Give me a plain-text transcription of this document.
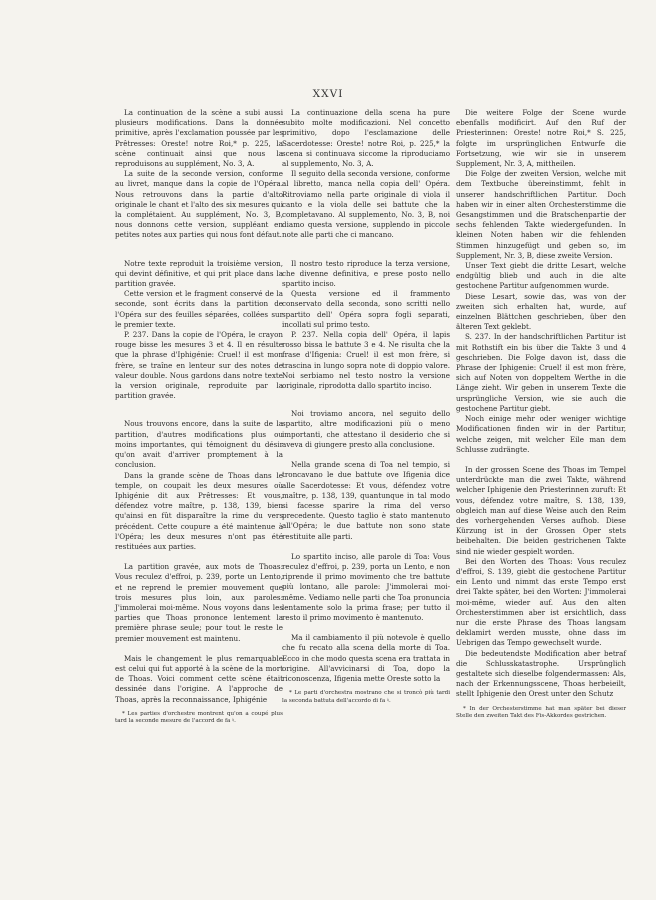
XXVI

La continuation de la scène a subi aussi plusieurs modifications. Dans la donnée primitive, après l'exclamation poussée par les Prêtresses: Oreste! notre Roi,* p. 225, la scène continuait ainsi que nous la reproduisons au supplément, No. 3, A.

La suite de la seconde version, conforme au livret, manque dans la copie de l'Opéra. Nous retrouvons dans la partie d'alto originale le chant et l'alto des six mesures qui la complétaient. Au supplément, No. 3, B, nous donnons cette version, suppléant en petites notes aux parties qui nous font défaut.

Notre texte reproduit la troisième version, qui devint définitive, et qui prit place dans la partition gravée.

Cette version et le fragment conservé de la seconde, sont écrits dans la partition de l'Opéra sur des feuilles séparées, collées sur le premier texte.

P. 237. Dans la copie de l'Opéra, le crayon rouge bisse les mesures 3 et 4. Il en résulte que la phrase d'Iphigénie: Cruel! il est mon frère, se traîne en lenteur sur des notes de valeur double. Nous gardons dans notre texte la version originale, reproduite par la partition gravée.

Nous trouvons encore, dans la suite de la partition, d'autres modifications plus ou moins importantes, qui témoignent du désir qu'on avait d'arriver promptement à la conclusion.

Dans la grande scène de Thoas dans le temple, on coupait les deux mesures où Iphigénie dit aux Prêtresses: Et vous, défendez votre maître, p. 138, 139, bien qu'ainsi en fût disparaître la rime du vers précédent. Cette coupure a été maintenue à l'Opéra; les deux mesures n'ont pas été restituées aux parties.

La partition gravée, aux mots de Thoas: Vous reculez d'effroi, p. 239, porte un Lento, et ne reprend le premier mouvement que trois mesures plus loin, aux paroles: J'immolerai moi-même. Nous voyons dans les parties que Thoas prononce lentement la première phrase seule; pour tout le reste le premier mouvement est maintenu.

Mais le changement le plus remarquable est celui qui fut apporté à la scène de la mort de Thoas. Voici comment cette scène était dessinée dans l'origine. A l'approche de Thoas, après la reconnaissance, Iphigénie

* Les parties d'orchestre montrent qu'on a coupé plus tard la seconde mesure de l'accord de fa ♮.

La continuazione della scena ha pure subito molte modificazioni. Nel concetto primitivo, dopo l'esclamazione delle Sacerdotesse: Oreste! notre Roi, p. 225,* la scena si continuava siccome la riproduciamo al supplemento, No. 3, A.

Il seguito della seconda versione, conforme al libretto, manca nella copia dell' Opéra. Ritroviamo nella parte originale di viola il canto e la viola delle sei battute che la completavano. Al supplemento, No. 3, B, noi diamo questa versione, supplendo in piccole note alle parti che ci mancano.

Il nostro testo riproduce la terza versione, che divenne definitiva, e prese posto nello spartito inciso.

Questa versione ed il frammento conservato della seconda, sono scritti nello spartito dell' Opéra sopra fogli separati, incollati sul primo testo.

P. 237. Nella copia dell' Opéra, il lapis rosso bissa le battute 3 e 4. Ne risulta che la frase d'Ifigenia: Cruel! il est mon frère, si trascina in lungo sopra note di doppio valore. Noi serbiamo nel testo nostro la versione originale, riprodotta dallo spartito inciso.

Noi troviamo ancora, nel seguito dello spartito, altre modificazioni più o meno importanti, che attestano il desiderio che si aveva di giungere presto alla conclusione.

Nella grande scena di Toa nel tempio, si troncavano le due battute ove Ifigenia dice alle Sacerdotesse: Et vous, défendez votre maître, p. 138, 139, quantunque in tal modo si facesse sparire la rima del verso precedente. Questo taglio è stato mantenuto all'Opéra; le due battute non sono state restituite alle parti.

Lo spartito inciso, alle parole di Toa: Vous reculez d'effroi, p. 239, porta un Lento, e non riprende il primo movimento che tre battute più lontano, alle parole: J'immolerai moi-même. Vediamo nelle parti che Toa pronuncia lentamente solo la prima frase; per tutto il resto il primo movimento è mantenuto.

Ma il cambiamento il più notevole è quello che fu recato alla scena della morte di Toa. Ecco in che modo questa scena era trattata in origine. All'avvicinarsi di Toa, dopo la riconoscenza, Ifigenia mette Oreste sotto la

* Le parti d'orchestra mostrano che si troncò più tardi la seconda battuta dell'accordo di fa ♮.

Die weitere Folge der Scene wurde ebenfalls modificirt. Auf den Ruf der Priesterinnen: Oreste! notre Roi,* S. 225, folgte im ursprünglichen Entwurfe die Fortsetzung, wie wir sie in unserem Supplement, Nr. 3, A, mittheilen.

Die Folge der zweiten Version, welche mit dem Textbuche übereinstimmt, fehlt in unserer handschriftlichen Partitur. Doch haben wir in einer alten Orchesterstimme die Gesangstimmen und die Bratschenpartie der sechs fehlenden Takte wiedergefunden. In kleinen Noten haben wir die fehlenden Stimmen hinzugefügt und geben so, im Supplement, Nr. 3, B, diese zweite Version.

Unser Text giebt die dritte Lesart, welche endgültig blieb und auch in die alte gestochene Partitur aufgenommen wurde.

Diese Lesart, sowie das, was von der zweiten sich erhalten hat, wurde, auf einzelnen Blättchen geschrieben, über den älteren Text geklebt.

S. 237. In der handschriftlichen Partitur ist mit Rothstift ein bis über die Takte 3 und 4 geschrieben. Die Folge davon ist, dass die Phrase der Iphigenie: Cruel! il est mon frère, sich auf Noten von doppeltem Werthe in die Länge zieht. Wir geben in unserem Texte die ursprüngliche Version, wie sie auch die gestochene Partitur giebt.

Noch einige mehr oder weniger wichtige Modificationen finden wir in der Partitur, welche zeigen, mit welcher Eile man dem Schlusse zudrängte.

In der grossen Scene des Thoas im Tempel unterdrückte man die zwei Takte, während welcher Iphigenie den Priesterinnen zuruft: Et vous, défendez votre maître, S. 138, 139, obgleich man auf diese Weise auch den Reim des vorhergehenden Verses aufhob. Diese Kürzung ist in der Grossen Oper stets beibehalten. Die beiden gestrichenen Takte sind nie wieder gespielt worden.

Bei den Worten des Thoas: Vous reculez d'effroi, S. 139, giebt die gestochene Partitur ein Lento und nimmt das erste Tempo erst drei Takte später, bei den Worten: J'immolerai moi-même, wieder auf. Aus den alten Orchesterstimmen aber ist ersichtlich, dass nur die erste Phrase des Thoas langsam deklamirt werden musste, ohne dass im Uebrigen das Tempo gewechselt wurde.

Die bedeutendste Modification aber betraf die Schlusskatastrophe. Ursprünglich gestaltete sich dieselbe folgendermassen: Als, nach der Erkennungsscene, Thoas herbeieilt, stellt Iphigenie den Orest unter den Schutz

* In der Orchesterstimme hat man später bei dieser Stelle den zweiten Takt des Fis-Akkordes gestrichen.
